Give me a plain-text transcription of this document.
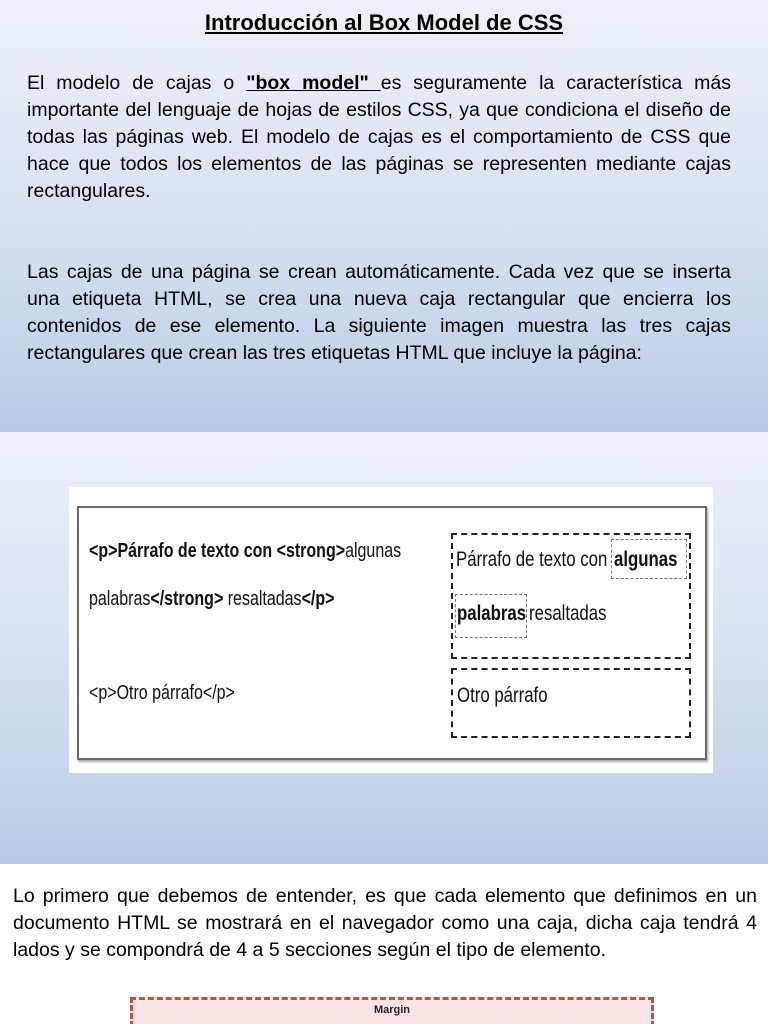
Introducción al Box Model de CSS

El modelo de cajas o "box model" es seguramente la característica más importante del lenguaje de hojas de estilos CSS, ya que condiciona el diseño de todas las páginas web. El modelo de cajas es el comportamiento de CSS que hace que todos los elementos de las páginas se representen mediante cajas rectangulares.

Las cajas de una página se crean automáticamente. Cada vez que se inserta una etiqueta HTML, se crea una nueva caja rectangular que encierra los contenidos de ese elemento. La siguiente imagen muestra las tres cajas rectangulares que crean las tres etiquetas HTML que incluye la página:

<p>Párrafo de texto con <strong>algunas
palabras</strong> resaltadas</p>
<p>Otro párrafo</p>
Párrafo de texto con algunas
palabras resaltadas
Otro párrafo

Lo primero que debemos de entender, es que cada elemento que definimos en un documento HTML se mostrará en el navegador como una caja, dicha caja tendrá 4 lados y se compondrá de 4 a 5 secciones según el tipo de elemento.

Margin
